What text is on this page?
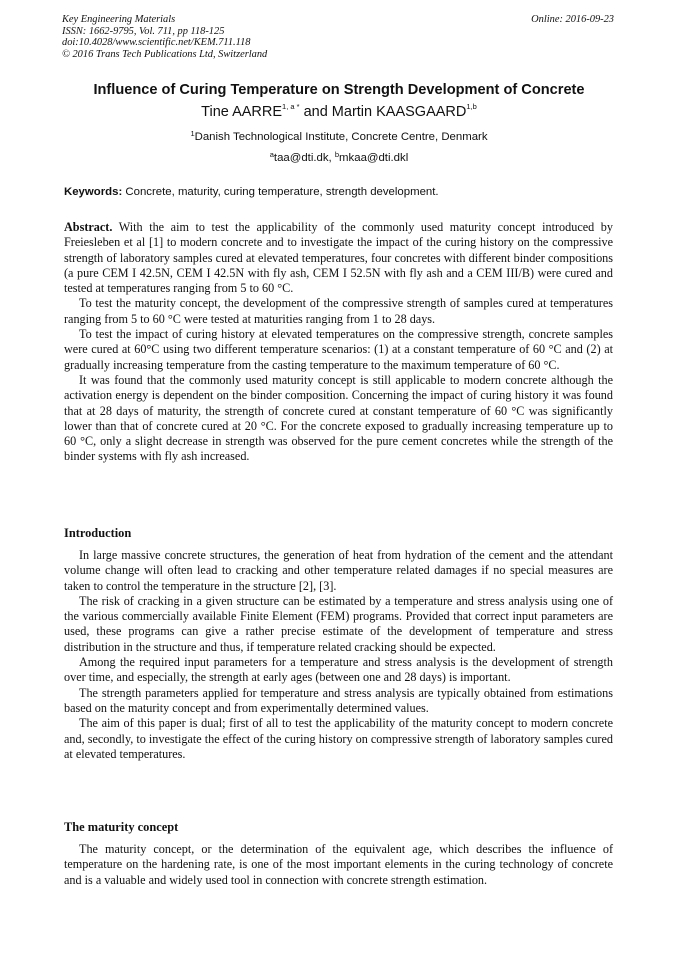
Key Engineering Materials
ISSN: 1662-9795, Vol. 711, pp 118-125
doi:10.4028/www.scientific.net/KEM.711.118
© 2016 Trans Tech Publications Ltd, Switzerland
Online: 2016-09-23
Influence of Curing Temperature on Strength Development of Concrete
Tine $AARRE^{1, a *}$ and Martin KAASGAARD$^{1,b}$
$^1$Danish Technological Institute, Concrete Centre, Denmark
$^a$taa@dti.dk, $^b$mkaa@dti.dkl
Keywords: Concrete, maturity, curing temperature, strength development.

Abstract. With the aim to test the applicability of the commonly used maturity concept introduced by Freiesleben et al [1] to modern concrete and to investigate the impact of the curing history on the compressive strength of laboratory samples cured at elevated temperatures, four concretes with different binder compositions (a pure CEM I 42.5N, CEM I 42.5N with fly ash, CEM I 52.5N with fly ash and a CEM III/B) were cured and tested at temperatures ranging from 5 to 60 °C.

To test the maturity concept, the development of the compressive strength of samples cured at temperatures ranging from 5 to 60 °C were tested at maturities ranging from 1 to 28 days.

To test the impact of curing history at elevated temperatures on the compressive strength, concrete samples were cured at 60°C using two different temperature scenarios: (1) at a constant temperature of 60 °C and (2) at gradually increasing temperature from the casting temperature to the maximum temperature of 60 °C.

It was found that the commonly used maturity concept is still applicable to modern concrete although the activation energy is dependent on the binder composition. Concerning the impact of curing history it was found that at 28 days of maturity, the strength of concrete cured at constant temperature of 60 °C was significantly lower than that of concrete cured at 20 °C. For the concrete exposed to gradually increasing temperature up to 60 °C, only a slight decrease in strength was observed for the pure cement concretes while the strength of the binder systems with fly ash increased.

Introduction

In large massive concrete structures, the generation of heat from hydration of the cement and the attendant volume change will often lead to cracking and other temperature related damages if no special measures are taken to control the temperature in the structure [2], [3].

The risk of cracking in a given structure can be estimated by a temperature and stress analysis using one of the various commercially available Finite Element (FEM) programs. Provided that correct input parameters are used, these programs can give a rather precise estimate of the development of temperature and stress distribution in the structure and thus, if temperature related cracking should be expected.

Among the required input parameters for a temperature and stress analysis is the development of strength over time, and especially, the strength at early ages (between one and 28 days) is important.

The strength parameters applied for temperature and stress analysis are typically obtained from estimations based on the maturity concept and from experimentally determined values.

The aim of this paper is dual; first of all to test the applicability of the maturity concept to modern concrete and, secondly, to investigate the effect of the curing history on compressive strength of laboratory samples cured at elevated temperatures.

The maturity concept

The maturity concept, or the determination of the equivalent age, which describes the influence of temperature on the hardening rate, is one of the most important elements in the curing technology of concrete and is a valuable and widely used tool in connection with concrete strength estimation.
